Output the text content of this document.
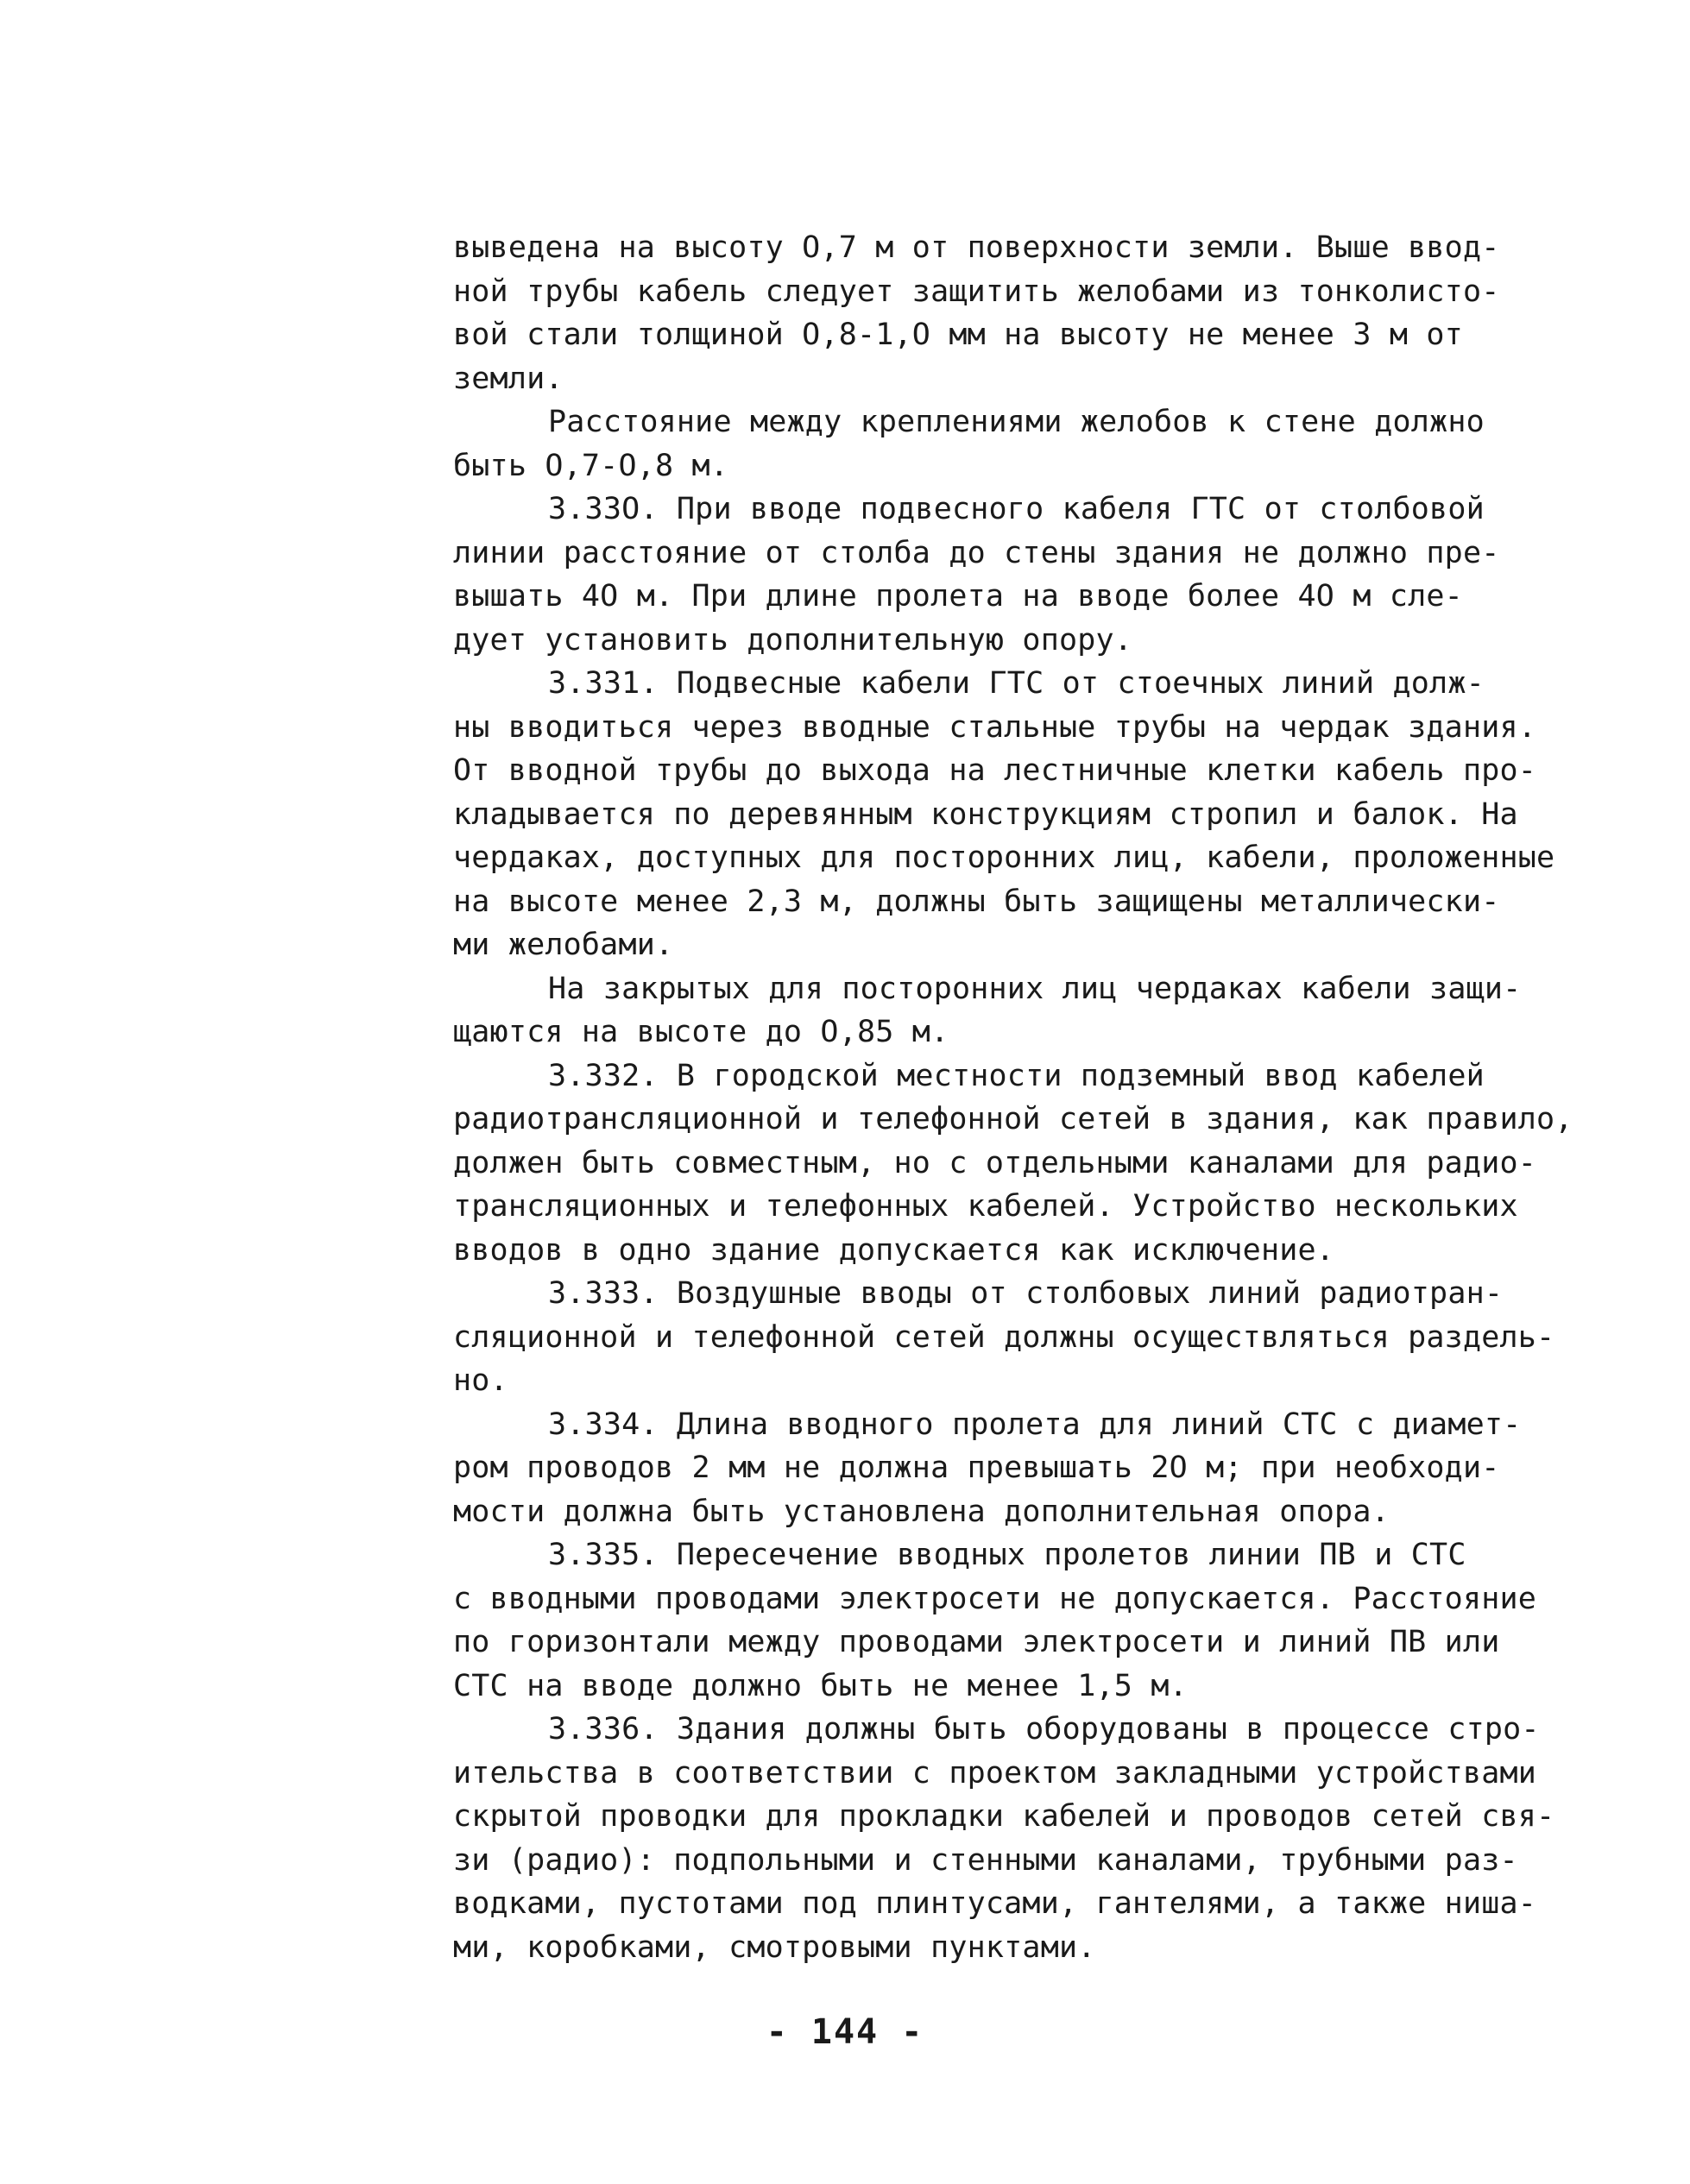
выведена на высоту О,7 м от поверхности земли. Выше ввод-
ной трубы кабель следует защитить желобами из тонколисто-
вой стали толщиной О,8-1,О мм на высоту не менее 3 м от
земли.
Расстояние между креплениями желобов к стене должно
быть О,7-О,8 м.
3.33О. При вводе подвесного кабеля ГТС от столбовой
линии расстояние от столба до стены здания не должно пре-
вышать 4О м. При длине пролета на вводе более 4О м сле-
дует установить дополнительную опору.
3.331. Подвесные кабели ГТС от стоечных линий долж-
ны вводиться через вводные стальные трубы на чердак здания.
От вводной трубы до выхода на лестничные клетки кабель про-
кладывается по деревянным конструкциям стропил и балок. На
чердаках, доступных для посторонних лиц, кабели, проложенные
на высоте менее 2,3 м, должны быть защищены металлически-
ми желобами.
На закрытых для посторонних лиц чердаках кабели защи-
щаются на высоте до О,85 м.
3.332. В городской местности подземный ввод кабелей
радиотрансляционной и телефонной сетей в здания, как правило,
должен быть совместным, но с отдельными каналами для радио-
трансляционных и телефонных кабелей. Устройство нескольких
вводов в одно здание допускается как исключение.
3.333. Воздушные вводы от столбовых линий радиотран-
сляционной и телефонной сетей должны осуществляться раздель-
но.
3.334. Длина вводного пролета для линий СТС с диамет-
ром проводов 2 мм не должна превышать 2О м; при необходи-
мости должна быть установлена дополнительная опора.
3.335. Пересечение вводных пролетов линии ПВ и СТС
с вводными проводами электросети не допускается. Расстояние
по горизонтали между проводами электросети и линий ПВ или
СТС на вводе должно быть не менее 1,5 м.
3.336. Здания должны быть оборудованы в процессе стро-
ительства в соответствии с проектом закладными устройствами
скрытой проводки для прокладки кабелей и проводов сетей свя-
зи (радио): подпольными и стенными каналами, трубными раз-
водками, пустотами под плинтусами, гантелями, а также ниша-
ми, коробками, смотровыми пунктами.
- 144 -
